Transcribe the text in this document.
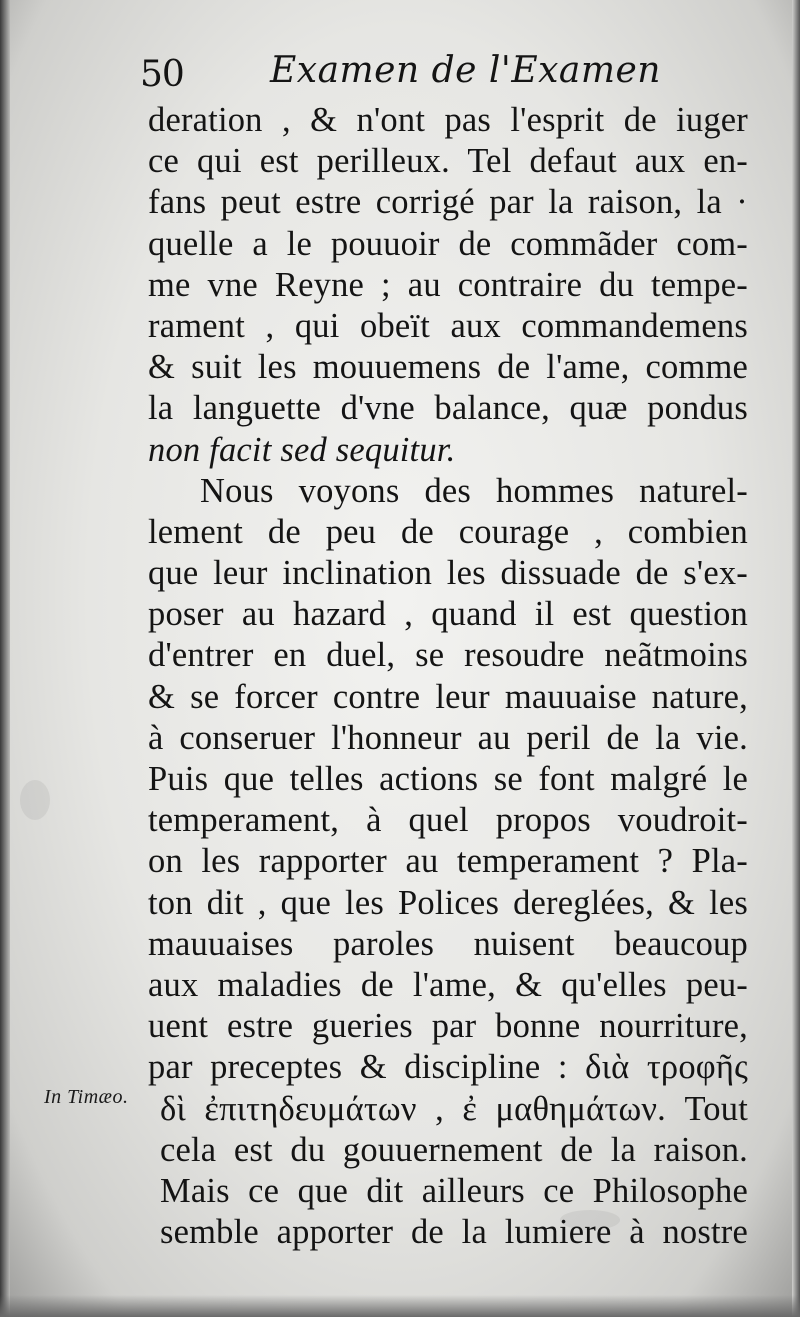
50 Examen de l'Examen
deration , & n'ont pas l'esprit de iuger
ce qui est perilleux. Tel defaut aux en-
fans peut estre corrigé par la raison, la ·
quelle a le pouuoir de commãder com-
me vne Reyne ; au contraire du tempe-
rament , qui obeït aux commandemens
& suit les mouuemens de l'ame, comme
la languette d'vne balance, quæ pondus
non facit sed sequitur.
Nous voyons des hommes naturel-
lement de peu de courage , combien
que leur inclination les dissuade de s'ex-
poser au hazard , quand il est question
d'entrer en duel, se resoudre neãtmoins
& se forcer contre leur mauuaise nature,
à conseruer l'honneur au peril de la vie.
Puis que telles actions se font malgré le
temperament, à quel propos voudroit-
on les rapporter au temperament ? Pla-
ton dit , que les Polices dereglées, & les
mauuaises paroles nuisent beaucoup
aux maladies de l'ame, & qu'elles peu-
uent estre gueries par bonne nourriture,
par preceptes & discipline : διὰ τροφῆς
δὶ ἐπιτηδευμάτων , ἐ μαθημάτων. Tout
cela est du gouuernement de la raison.
Mais ce que dit ailleurs ce Philosophe
semble apporter de la lumiere à nostre
In Timæo.
